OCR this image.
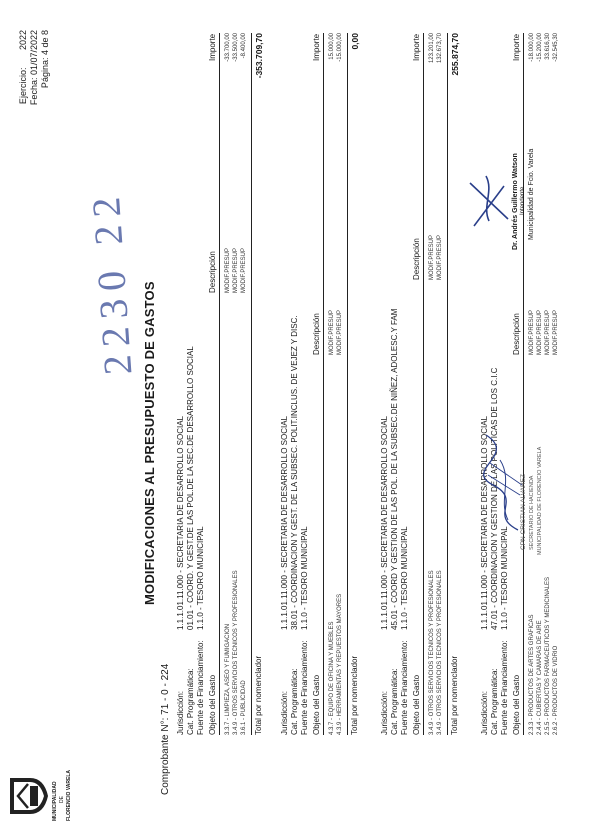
MUNICIPALIDAD DE FLORENCIO VARELA
Ejercicio:       2022 Fecha: 01/07/2022 Página: 4 de 8
MODIFICACIONES AL PRESUPUESTO DE GASTOS
Comprobante N°: 71 - 0 - 224
2230 22
Jurisdicción:
1.1.1.01.11.000 - SECRETARIA DE DESARROLLO SOCIAL
Cat. Programática:
01.01 - COORD. Y GEST.DE LAS POL.DE LA SEC.DE DESARROLLO SOCIAL
Fuente de Financiamiento:
1.1.0 - TESORO MUNICIPAL
Objeto del Gasto
Descripción
Importe
3.3.7 - LIMPIEZA, ASEO Y FUMIGACION
MODIF.PRESUP
-33.700,00
3.4.9 - OTROS SERVICIOS TECNICOS Y PROFESIONALES
MODIF.PRESUP
-33.500,00
3.6.1 - PUBLICIDAD
MODIF.PRESUP
-8.400,00
Total por nomenclador
-353.709,70
Jurisdicción:
1.1.1.01.11.000 - SECRETARIA DE DESARROLLO SOCIAL
Cat. Programática:
38.01 - COORDINACION Y GEST. DE LA SUBSEC. POLIT.INCLUS. DE VEJEZ Y DISC.
Fuente de Financiamiento:
1.1.0 - TESORO MUNICIPAL
Objeto del Gasto
Descripción
Importe
4.3.7 - EQUIPO DE OFICINA Y MUEBLES
MODIF.PRESUP
15.000,00
4.3.9 - HERRAMIENTAS Y REPUESTOS MAYORES
MODIF.PRESUP
-15.000,00
Total por nomenclador
0,00
Jurisdicción:
1.1.1.01.11.000 - SECRETARIA DE DESARROLLO SOCIAL
Cat. Programática:
45.01 - COORD Y GESTION DE LAS POL. DE LA SUBSEC.DE NIÑEZ, ADOLESC.Y FAM
Fuente de Financiamiento:
1.1.0 - TESORO MUNICIPAL
Objeto del Gasto
Descripción
Importe
3.4.9 - OTROS SERVICIOS TECNICOS Y PROFESIONALES
MODIF.PRESUP
123.201,00
3.4.9 - OTROS SERVICIOS TECNICOS Y PROFESIONALES
MODIF.PRESUP
132.673,70
Total por nomenclador
255.874,70
Jurisdicción:
1.1.1.01.11.000 - SECRETARIA DE DESARROLLO SOCIAL
Cat. Programática:
47.01 - COORDINACION Y GESTION DE LAS POLITICAS DE LOS C.I.C
Fuente de Financiamiento:
1.1.0 - TESORO MUNICIPAL
Objeto del Gasto
Descripción
Importe
2.3.3 - PRODUCTOS DE ARTES GRAFICAS
MODIF.PRESUP
-18.000,00
2.4.4 - CUBIERTAS Y CAMARAS DE AIRE
MODIF.PRESUP
-15.200,00
2.5.5 - PRODUCTOS FARMACEUTICOS Y MEDICINALES
MODIF.PRESUP
33.616,30
2.6.2 - PRODUCTOS DE VIDRIO
MODIF.PRESUP
-32.545,30
CPN CRISTIAN ALVAREZ SECRETARIO DE HACIENDA MUNICIPALIDAD DE FLORENCIO VARELA
Dr. Andrés Guillermo Watson Intendente Municipalidad de Fcio. Varela
